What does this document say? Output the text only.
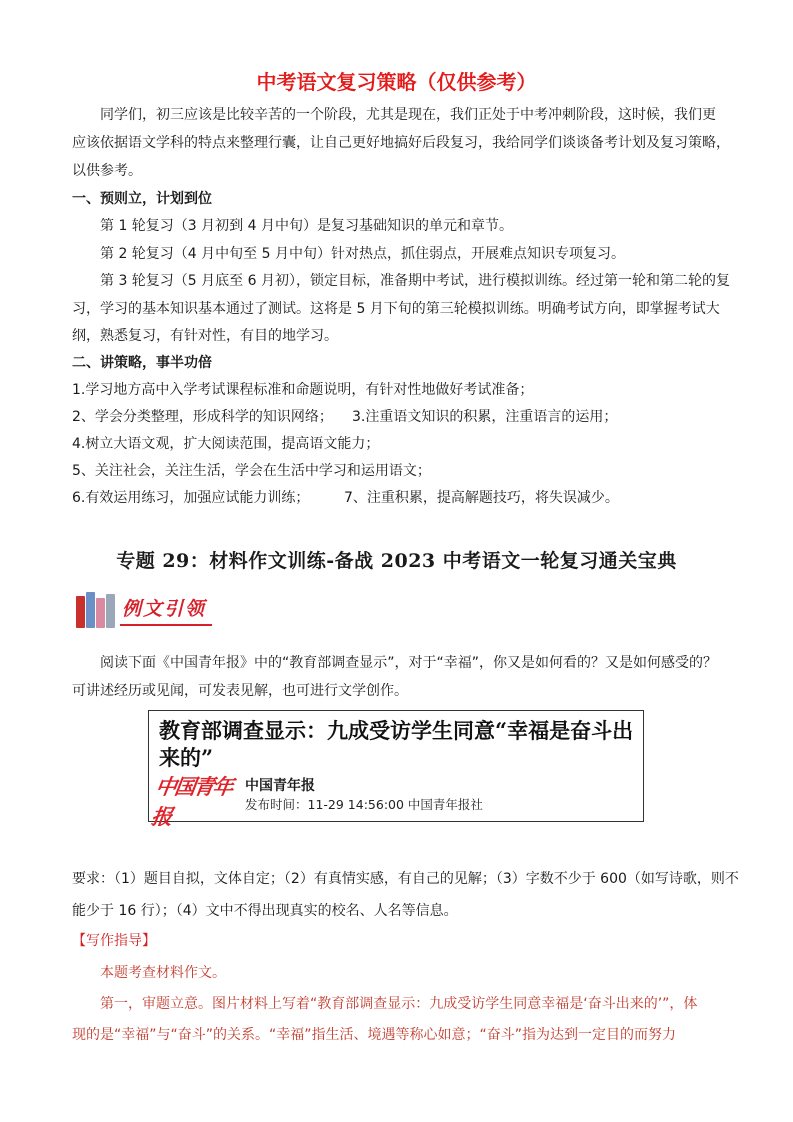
中考语文复习策略（仅供参考）
同学们，初三应该是比较辛苦的一个阶段，尤其是现在，我们正处于中考冲刺阶段，这时候，我们更
应该依据语文学科的特点来整理行囊，让自己更好地搞好后段复习，我给同学们谈谈备考计划及复习策略，
以供参考。
一、预则立，计划到位
第 1 轮复习（3 月初到 4 月中旬）是复习基础知识的单元和章节。
第 2 轮复习（4 月中旬至 5 月中旬）针对热点，抓住弱点，开展难点知识专项复习。
第 3 轮复习（5 月底至 6 月初），锁定目标，准备期中考试，进行模拟训练。经过第一轮和第二轮的复
习，学习的基本知识基本通过了测试。这将是 5 月下旬的第三轮模拟训练。明确考试方向，即掌握考试大
纲，熟悉复习，有针对性，有目的地学习。
二、讲策略，事半功倍
1.学习地方高中入学考试课程标准和命题说明，有针对性地做好考试准备；
2、学会分类整理，形成科学的知识网络； 3.注重语文知识的积累，注重语言的运用；
4.树立大语文观，扩大阅读范围，提高语文能力；
5、关注社会，关注生活，学会在生活中学习和运用语文；
6.有效运用练习，加强应试能力训练； 7、注重积累，提高解题技巧，将失误减少。
专题 29：材料作文训练-备战 2023 中考语文一轮复习通关宝典
例文引领
阅读下面《中国青年报》中的“教育部调查显示”，对于“幸福”，你又是如何看的？又是如何感受的？
可讲述经历或见闻，可发表见解，也可进行文学创作。
教育部调查显示：九成受访学生同意“幸福是奋斗出来的”
中国青年报
中国青年报
发布时间：11-29 14:56:00 中国青年报社
要求：（1）题目自拟，文体自定；（2）有真情实感，有自己的见解；（3）字数不少于 600（如写诗歌，则不
能少于 16 行）；（4）文中不得出现真实的校名、人名等信息。
【写作指导】
本题考查材料作文。
第一，审题立意。图片材料上写着“教育部调查显示：九成受访学生同意幸福是‘奋斗出来的’”，体
现的是“幸福”与“奋斗”的关系。“幸福”指生活、境遇等称心如意；“奋斗”指为达到一定目的而努力
